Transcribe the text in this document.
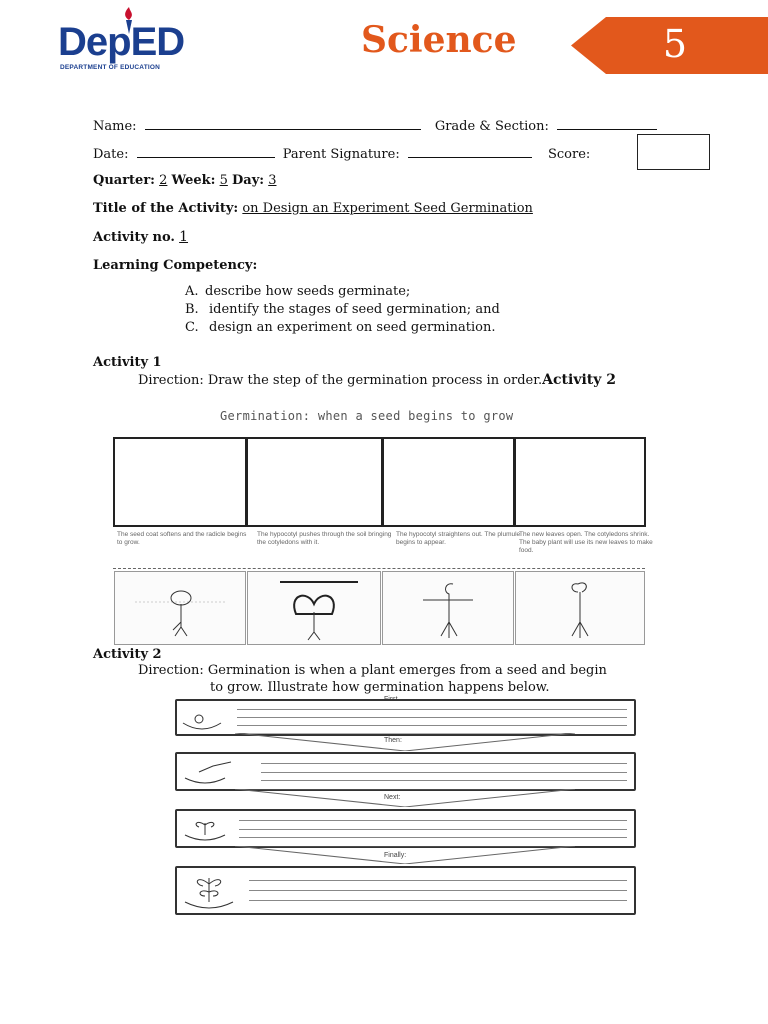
DepED
DEPARTMENT OF EDUCATION
Science	5
Name:	Grade & Section:
Date:	Parent Signature:	Score:
Quarter: 2 Week: 5 Day: 3
Title of the Activity: on Design an Experiment Seed Germination
Activity no. 1
Learning Competency:
A. describe how seeds germinate;
B. identify the stages of seed germination; and
C. design an experiment on seed germination.
Activity 1
Direction: Draw the step of the germination process in order.Activity 2
Germination: when a seed begins to grow
The seed coat softens and the radicle begins to grow.
The hypocotyl pushes through the soil bringing the cotyledons with it.
The hypocotyl straightens out. The plumule begins to appear.
The new leaves open. The cotyledons shrink. The baby plant will use its new leaves to make food.
Activity 2
Direction: Germination is when a plant emerges from a seed and begin
to grow. Illustrate how germination happens below.
First
Then:
Next:
Finally:
